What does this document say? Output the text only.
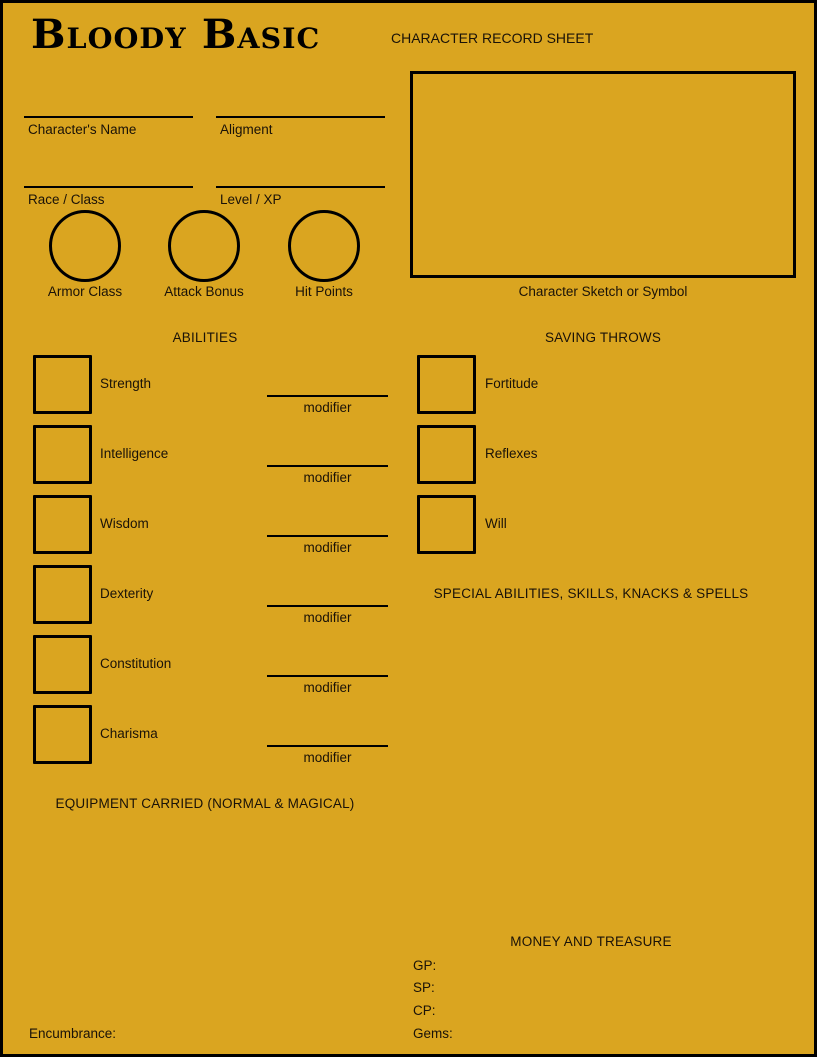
Bloody Basic	CHARACTER RECORD SHEET
Character's Name	Aligment
Race / Class	Level / XP
Armor Class	Attack Bonus	Hit Points	Character Sketch or Symbol
ABILITIES	SAVING THROWS
Strength
modifier
Intelligence
modifier
Wisdom
modifier
Dexterity
modifier
Constitution
modifier
Charisma
modifier
Fortitude
Reflexes
Will
SPECIAL ABILITIES, SKILLS, KNACKS & SPELLS
EQUIPMENT CARRIED (NORMAL & MAGICAL)
Encumbrance:
MONEY AND TREASURE
GP:
SP:
CP:
Gems:
